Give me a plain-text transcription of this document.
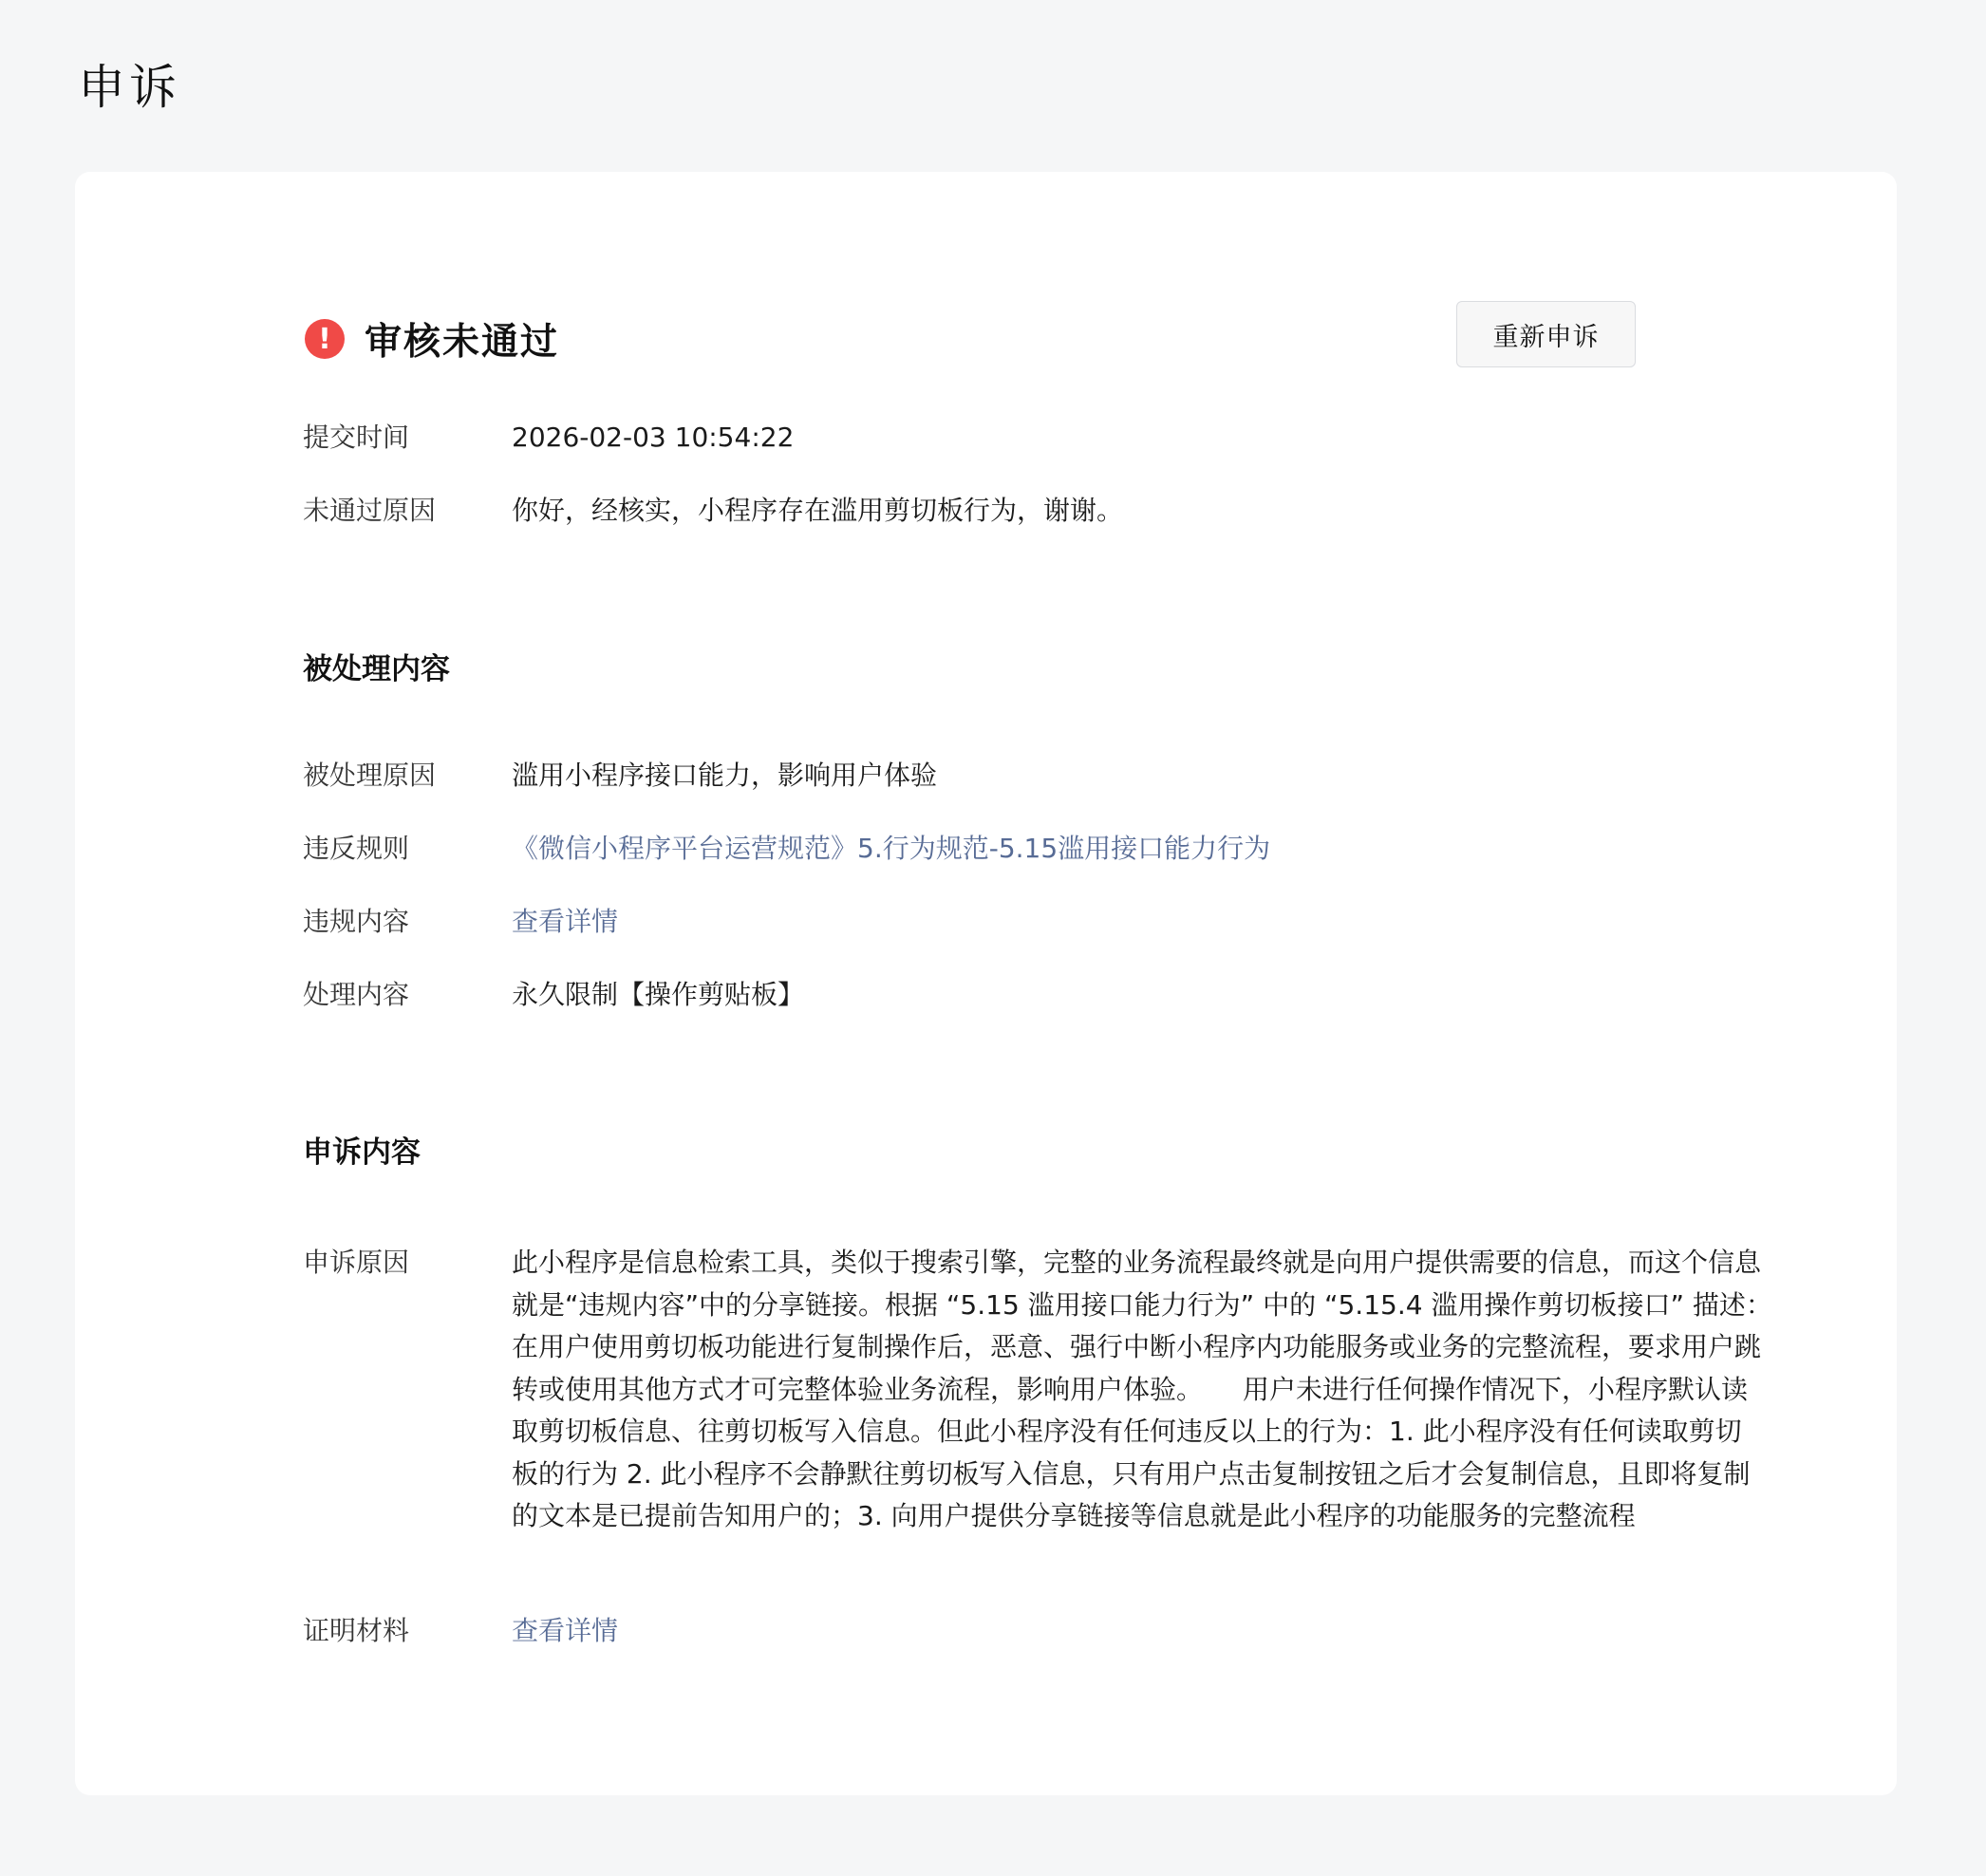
申诉
! 审核未通过	重新申诉
提交时间	2026-02-03 10:54:22
未通过原因	你好，经核实，小程序存在滥用剪切板行为，谢谢。
被处理内容
被处理原因	滥用小程序接口能力，影响用户体验
违反规则	《微信小程序平台运营规范》5.行为规范-5.15滥用接口能力行为
违规内容	查看详情
处理内容	永久限制【操作剪贴板】
申诉内容
申诉原因	此小程序是信息检索工具，类似于搜索引擎，完整的业务流程最终就是向用户提供需要的信息，而这个信息就是“违规内容”中的分享链接。根据 “5.15 滥用接口能力行为” 中的 “5.15.4 滥用操作剪切板接口” 描述：　　在用户使用剪切板功能进行复制操作后，恶意、强行中断小程序内功能服务或业务的完整流程，要求用户跳转或使用其他方式才可完整体验业务流程，影响用户体验。　　用户未进行任何操作情况下，小程序默认读取剪切板信息、往剪切板写入信息。但此小程序没有任何违反以上的行为：1. 此小程序没有任何读取剪切板的行为 2. 此小程序不会静默往剪切板写入信息，只有用户点击复制按钮之后才会复制信息，且即将复制的文本是已提前告知用户的；3. 向用户提供分享链接等信息就是此小程序的功能服务的完整流程
证明材料	查看详情
